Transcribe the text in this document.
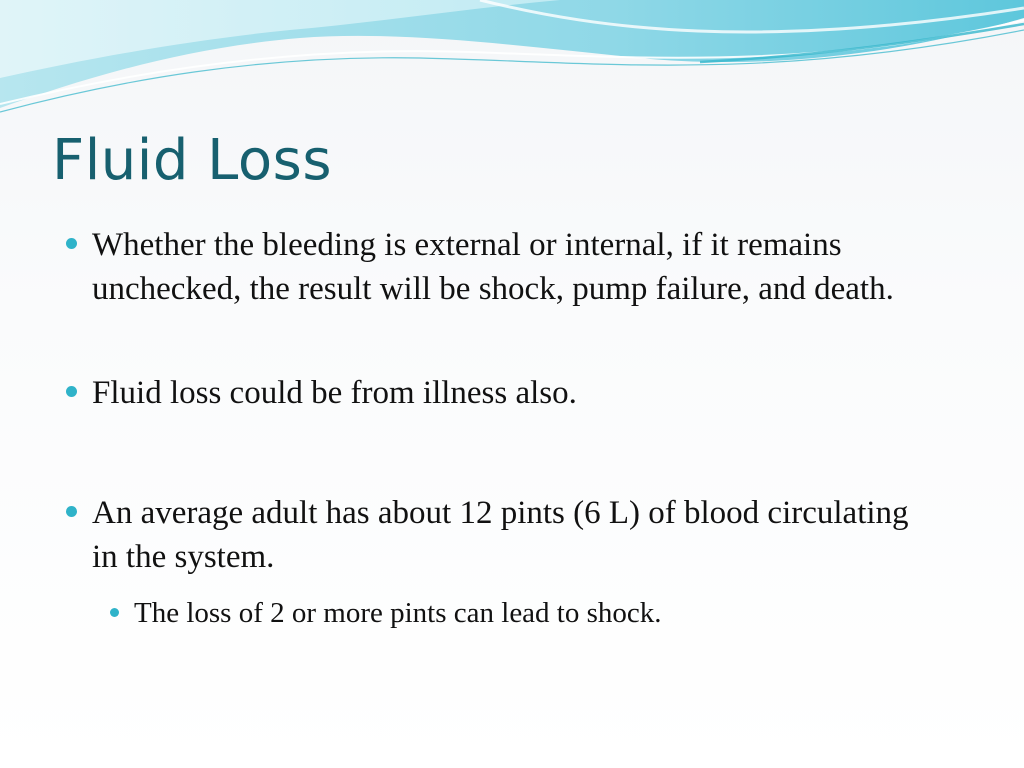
Fluid Loss
Whether the bleeding is external or internal, if it remains unchecked, the result will be shock, pump failure, and death.
Fluid loss could be from illness also.
An average adult has about 12 pints (6 L) of blood circulating in the system.
The loss of 2 or more pints can lead to shock.
